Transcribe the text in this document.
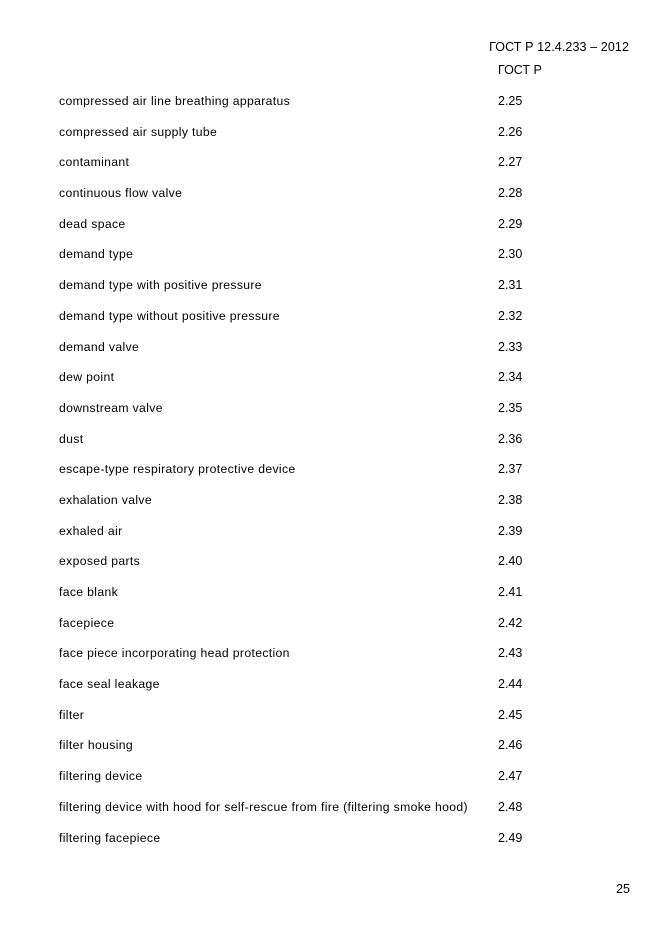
ГОСТ Р 12.4.233 – 2012
ГОСТ Р
compressed air line breathing apparatus	2.25
compressed air supply tube	2.26
contaminant	2.27
continuous flow valve	2.28
dead space	2.29
demand type	2.30
demand type with positive pressure	2.31
demand type without positive pressure	2.32
demand valve	2.33
dew point	2.34
downstream valve	2.35
dust	2.36
escape-type respiratory protective device	2.37
exhalation valve	2.38
exhaled air	2.39
exposed parts	2.40
face blank	2.41
facepiece	2.42
face piece incorporating head protection	2.43
face seal leakage	2.44
filter	2.45
filter housing	2.46
filtering device	2.47
filtering device with hood for self-rescue from fire (filtering smoke hood)	2.48
filtering facepiece	2.49
25
